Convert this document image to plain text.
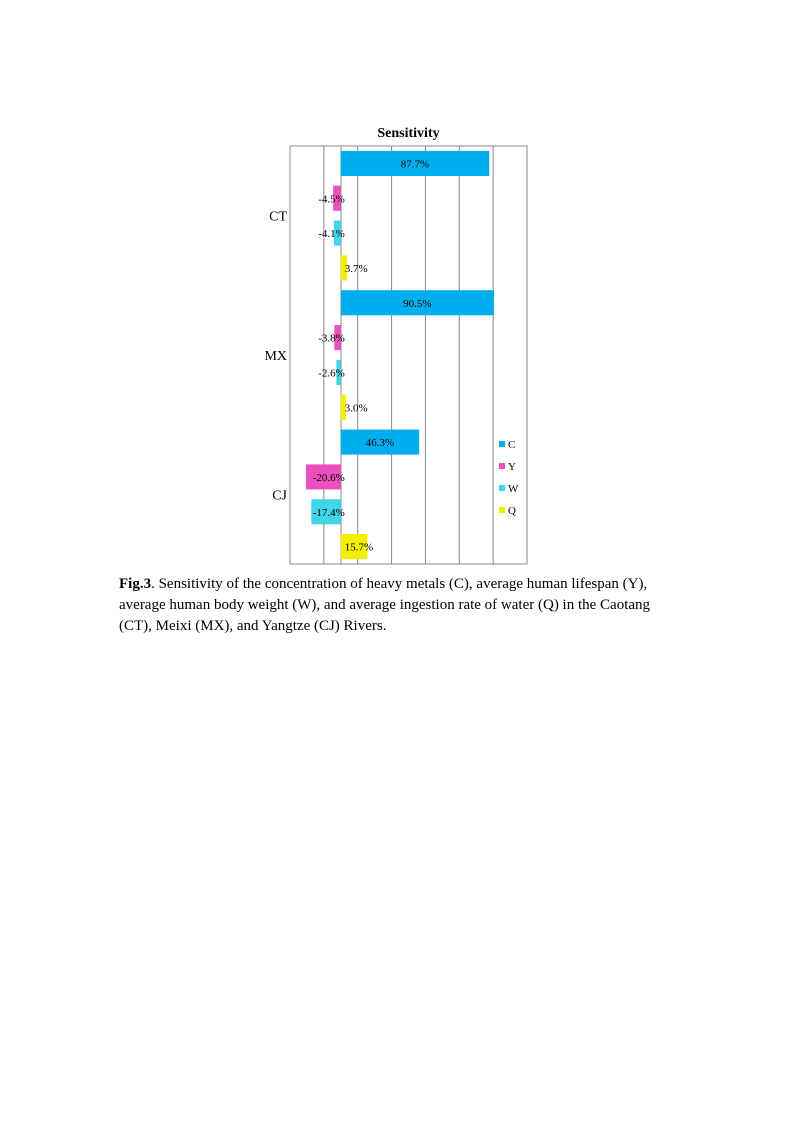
Sensitivity
87.7%
-4.5%
-4.1%
3.7%
90.5%
-3.8%
-2.6%
3.0%
46.3%
-20.6%
-17.4%
15.7%
CT
MX
CJ
C
Y
W
Q
Fig.3. Sensitivity of the concentration of heavy metals (C), average human lifespan (Y), average human body weight (W), and average ingestion rate of water (Q) in the Caotang (CT), Meixi (MX), and Yangtze (CJ) Rivers.
